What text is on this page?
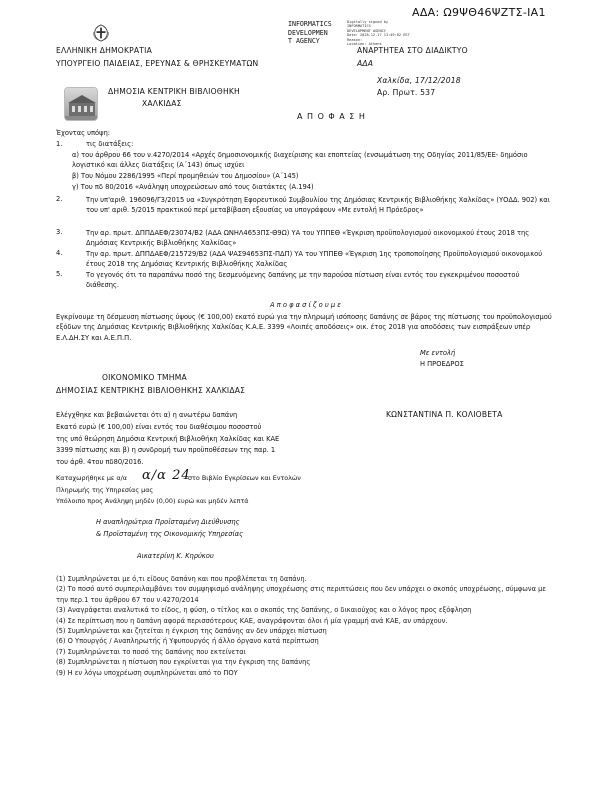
ΑΔΑ: Ω9ΨΘ46ΨΖΤΣ-ΙΑ1
INFORMATICS
DEVELOPMEN
T AGENCY
Digitally signed by
INFORMATICS
DEVELOPMENT AGENCY
Date: 2018.12.17 13:49:02 EET
Reason:
Location: Athens
ΕΛΛΗΝΙΚΗ ΔΗΜΟΚΡΑΤΙΑ
ΥΠΟΥΡΓΕΙΟ ΠΑΙΔΕΙΑΣ, ΕΡΕΥΝΑΣ & ΘΡΗΣΚΕΥΜΑΤΩΝ
ΑΝΑΡΤΗΤΕΑ ΣΤΟ ΔΙΑΔΙΚΤΥΟ
ΑΔΑ
ΔΗΜΟΣΙΑ ΚΕΝΤΡΙΚΗ ΒΙΒΛΙΟΘΗΚΗ
ΧΑΛΚΙΔΑΣ
Χαλκίδα, 17/12/2018
Αρ. Πρωτ. 537
Α Π Ο Φ Α Σ Η
Έχοντας υπόψη:
1.	τις διατάξεις:
α) του άρθρου 66 του ν.4270/2014 «Αρχές δημοσιονομικής διαχείρισης και εποπτείας (ενσωμάτωση της Οδηγίας 2011/85/ΕΕ- δημόσιο λογιστικό και άλλες διατάξεις (Α΄143) όπως ισχύει
β) Του Νόμου 2286/1995 «Περί προμηθειών του Δημοσίου» (Α΄145)
γ) Του πδ 80/2016 «Ανάληψη υποχρεώσεων από τους διατάκτες (Α.194)
2.	Την υπ'αριθ. 196096/Γ3/2015 υα «Συγκρότηση Εφορευτικού Συμβουλίου της Δημόσιας Κεντρικής Βιβλιοθήκης Χαλκίδας» (ΥΟΔΔ. 902) και του υπ' αριθ. 5/2015 πρακτικού περί μεταβίβαση εξουσίας να υπογράφουν «Με εντολή Η Πρόεδρος»
3.	Την αρ. πρωτ. ΔΠΠΔΑΕΦ/23074/Β2 (ΑΔΑ ΩΝΗΛ4653ΠΣ-Θ9Ω) ΥΑ του ΥΠΠΕΘ «Έγκριση προϋπολογισμού οικονομικού έτους 2018 της Δημόσιας Κεντρικής Βιβλιοθήκης Χαλκίδας»
4.	Την αρ. πρωτ. ΔΠΠΔΑΕΦ/215729/Β2 (ΑΔΑ ΨΑΣ94653ΠΣ-ΠΔΠ) ΥΑ του ΥΠΠΕΘ «Έγκριση 1ης τροποποίησης Προϋπολογισμού οικονομικού έτους 2018 της Δημόσιας Κεντρικής Βιβλιοθήκης Χαλκίδας
5.	Το γεγονός ότι το παραπάνω ποσό της δεσμευόμενης δαπάνης με την παρούσα πίστωση είναι εντός του εγκεκριμένου ποσοστού διάθεσης.
Α π ο φ α σ ί ζ ο υ μ ε
Εγκρίνουμε τη δέσμευση πίστωσης ύψους (€ 100,00) εκατό ευρώ για την πληρωμή ισόποσης δαπάνης σε βάρος της πίστωσης του προϋπολογισμού εξόδων της Δημόσιας Κεντρικής Βιβλιοθήκης Χαλκίδας Κ.Α.Ε. 3399 «Λοιπές αποδόσεις» οικ. έτος 2018 για αποδόσεις των εισπράξεων υπέρ Ε.Λ.ΔΗ.ΣΥ και Α.Ε.Π.Π.
Με εντολή
Η ΠΡΟΕΔΡΟΣ
ΟΙΚΟΝΟΜΙΚΟ ΤΜΗΜΑ
ΔΗΜΟΣΙΑΣ ΚΕΝΤΡΙΚΗΣ ΒΙΒΛΙΟΘΗΚΗΣ ΧΑΛΚΙΔΑΣ
ΚΩΝΣΤΑΝΤΙΝΑ Π. ΚΟΛΙΟΒΕΤΑ
Ελέγχθηκε και βεβαιώνεται ότι α) η ανωτέρω δαπάνη
Εκατό ευρώ (€ 100,00) είναι εντός του διαθέσιμου ποσοστού
της υπό θεώρηση Δημόσια Κεντρική Βιβλιοθήκη Χαλκίδας και ΚΑΕ
3399 πίστωσης και β) η συνδρομή των προϋποθέσεων της παρ. 1
του άρθ. 4του πδ80/2016.
Καταχωρήθηκε με α/α α/α 24
στο Βιβλίο Εγκρίσεων και Εντολών
Πληρωμής της Υπηρεσίας μας
Υπόλοιπο προς Ανάληψη μηδέν (0,00) ευρώ και μηδέν λεπτά
Η αναπληρώτρια Προϊσταμένη Διεύθυνσης
& Προϊσταμένη της Οικονομικής Υπηρεσίας
Αικατερίνη Κ. Κηρύκου
(1) Συμπληρώνεται με ό,τι είδους δαπάνη και που προβλέπεται τη δαπάνη.
(2) Το ποσό αυτό συμπεριλαμβάνει τον συμψηφισμό ανάληψης υποχρέωσης στις περιπτώσεις που δεν υπάρχει ο σκοπός υποχρέωσης, σύμφωνα με την περ.1 του άρθρου 67 του ν.4270/2014
(3) Αναγράφεται αναλυτικά το είδος, η φύση, ο τίτλος και ο σκοπός της δαπάνης, ο δικαιούχος και ο λόγος προς εξόφληση
(4) Σε περίπτωση που η δαπάνη αφορά περισσότερους ΚΑΕ, αναγράφονται όλοι ή μία γραμμή ανά ΚΑΕ, αν υπάρχουν.
(5) Συμπληρώνεται και ζητείται η έγκριση της δαπάνης αν δεν υπάρχει πίστωση
(6) Ο Υπουργός / Αναπληρωτής ή Υφυπουργός ή άλλο όργανο κατά περίπτωση
(7) Συμπληρώνεται το ποσό της δαπάνης που εκτείνεται
(8) Συμπληρώνεται η πίστωση που εγκρίνεται για την έγκριση της δαπάνης
(9) Η εν λόγω υποχρέωση συμπληρώνεται από το ΠΟΥ
